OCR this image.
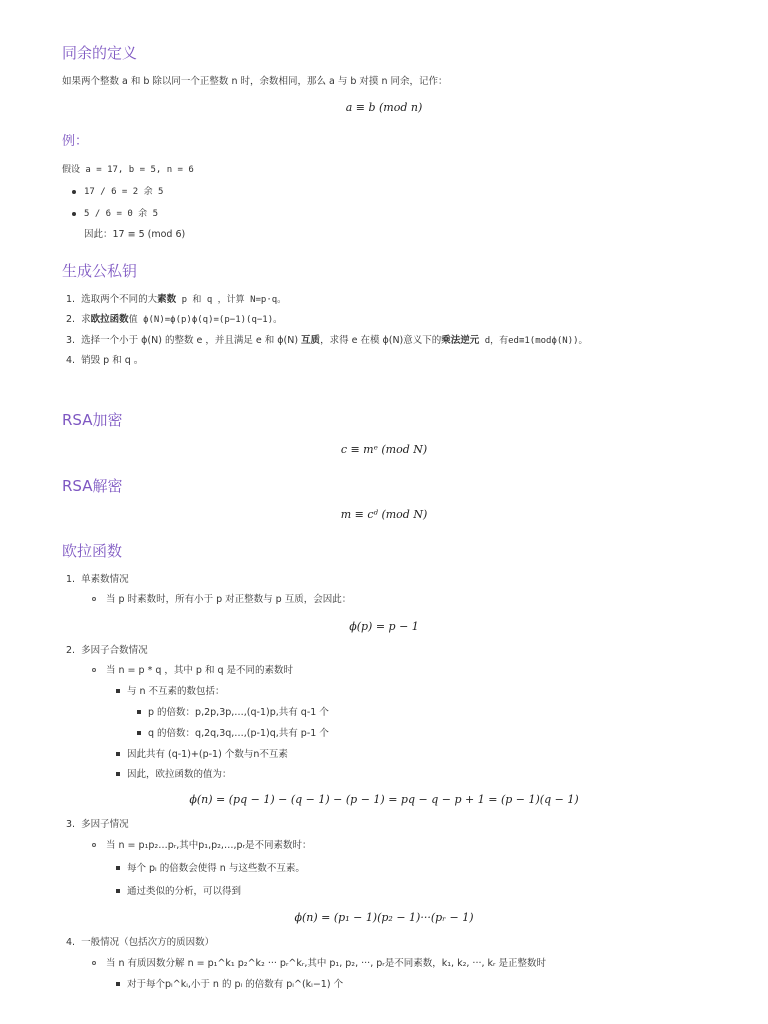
同余的定义
如果两个整数 a 和 b 除以同一个正整数 n 时，余数相同，那么 a 与 b 对摸 n 同余，记作：
a ≡ b (mod n)
例：
假设 a = 17, b = 5, n = 6
17 / 6 = 2 余 5
5 / 6 = 0 余 5
因此：17 ≡ 5 (mod 6)
生成公私钥
1. 选取两个不同的大素数 p 和 q ，计算 N=p·q。
2. 求欧拉函数值 ϕ(N)=ϕ(p)ϕ(q)=(p−1)(q−1)。
3. 选择一个小于 ϕ(N) 的整数 e ，并且满足 e 和 ϕ(N) 互质，求得 e 在模 ϕ(N)意义下的乘法逆元 d，有ed≡1(modϕ(N))。
4. 销毁 p 和 q 。
RSA加密
c ≡ mᵉ (mod N)
RSA解密
m ≡ cᵈ (mod N)
欧拉函数
1. 单素数情况
当 p 时素数时，所有小于 p 对正整数与 p 互质，会因此：
ϕ(p) = p − 1
2. 多因子合数情况
当 n = p * q ，其中 p 和 q 是不同的素数时
与 n 不互素的数包括：
p 的倍数：p,2p,3p,…,(q-1)p,共有 q-1 个
q 的倍数：q,2q,3q,…,(p-1)q,共有 p-1 个
因此共有 (q-1)+(p-1) 个数与n不互素
因此，欧拉函数的值为：
ϕ(n) = (pq − 1) − (q − 1) − (p − 1) = pq − q − p + 1 = (p − 1)(q − 1)
3. 多因子情况
当 n = p₁p₂…pᵣ,其中p₁,p₂,…,pᵣ是不同素数时：
每个 pᵢ 的倍数会使得 n 与这些数不互素。
通过类似的分析，可以得到
ϕ(n) = (p₁ − 1)(p₂ − 1)···(pᵣ − 1)
4. 一般情况（包括次方的质因数）
当 n 有质因数分解 n = p₁^k₁ p₂^k₂ ··· pᵣ^kᵣ,其中 p₁, p₂, ···, pᵣ是不同素数，k₁, k₂, ···, kᵣ 是正整数时
对于每个pᵢ^kᵢ,小于 n 的 pᵢ 的倍数有 pᵢ^(kᵢ−1) 个
